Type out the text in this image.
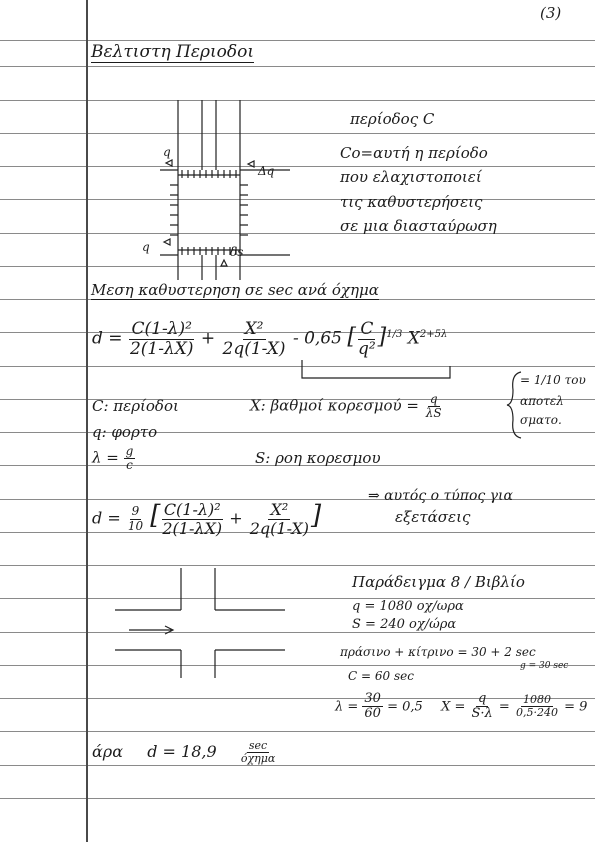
(3)
Βελτιστη Περιοδοι
q
Δq
q	δs
περίοδος C
Co=αυτή η περίοδο
που ελαχιστοποιεί
τις καθυστερήσεις
σε μια διασταύρωση
Μεση καθυστερηση σε sec ανά όχημα
$d = \frac{\text{C(1-λ)²}}{2(1-\lambda X)} + \frac{\text{X²}}{2q(1-X)} - 0,65$ [ $\frac{C}{\text{q²}} ]^{1/3}$ $X^{2+5\lambda}$
= 1/10 του
αποτελ
σματο.
C: περίοδοι	X: βαθμοί $\kappa o\rho\varepsilon\sigma\mu oύ = \frac{q}{\lambda S}$
q: φορτο
$\lambda = \frac{g}{c}$	S: ροη κορεσμου
$d = \frac{9}{10}$ [ $\frac{\text{C(1-λ)²}}{2(1-\lambda X)} + \frac{\text{X²}}{2q(1-X)}$ ]
⇒ αυτός ο τύπος για
εξετάσεις
Παράδειγμα 8 / Βιβλίο
q = 1080 οχ/ωρα
S = 240 οχ/ώρα
πράσινο + κίτρινο = 30 + 2 sec
g = 30 sec
C = 60 sec
$\lambda = \frac{30}{60} = 0,5$ $X = \frac{q}{S\cdot\lambda} = \frac{1080}{0,5\cdot 240} = 9$
άρα $d = 18,9 \frac{\sec}{\text{όχημα}}$
